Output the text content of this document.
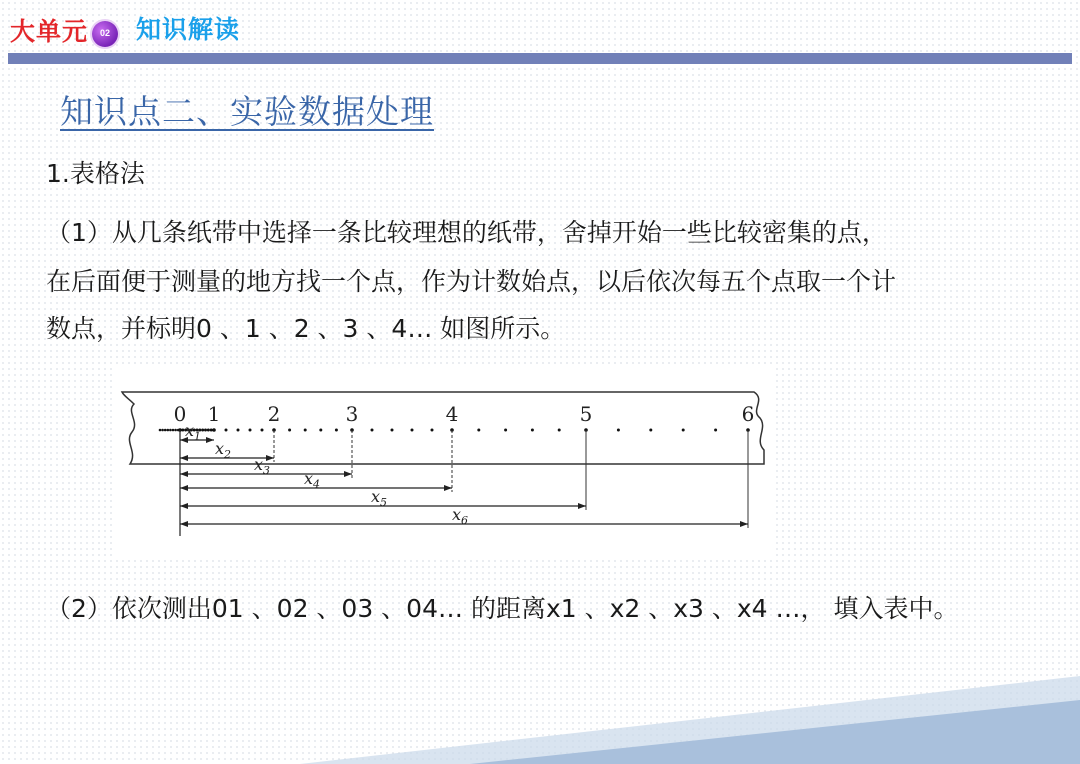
大单元	02	知识解读
知识点二、实验数据处理
1.表格法
（1）从几条纸带中选择一条比较理想的纸带，舍掉开始一些比较密集的点，
在后面便于测量的地方找一个点，作为计数始点，以后依次每五个点取一个计
数点，并标明0 、1 、2 、3 、4… 如图所示。
0 1 2	3	4	5	6
$x_1$
$x_2$
$x_3$ $x_4$
$x_5$
$x_6$
（2）依次测出01 、02 、03 、04… 的距离x1 、x2 、x3 、x4 …， 填入表中。
